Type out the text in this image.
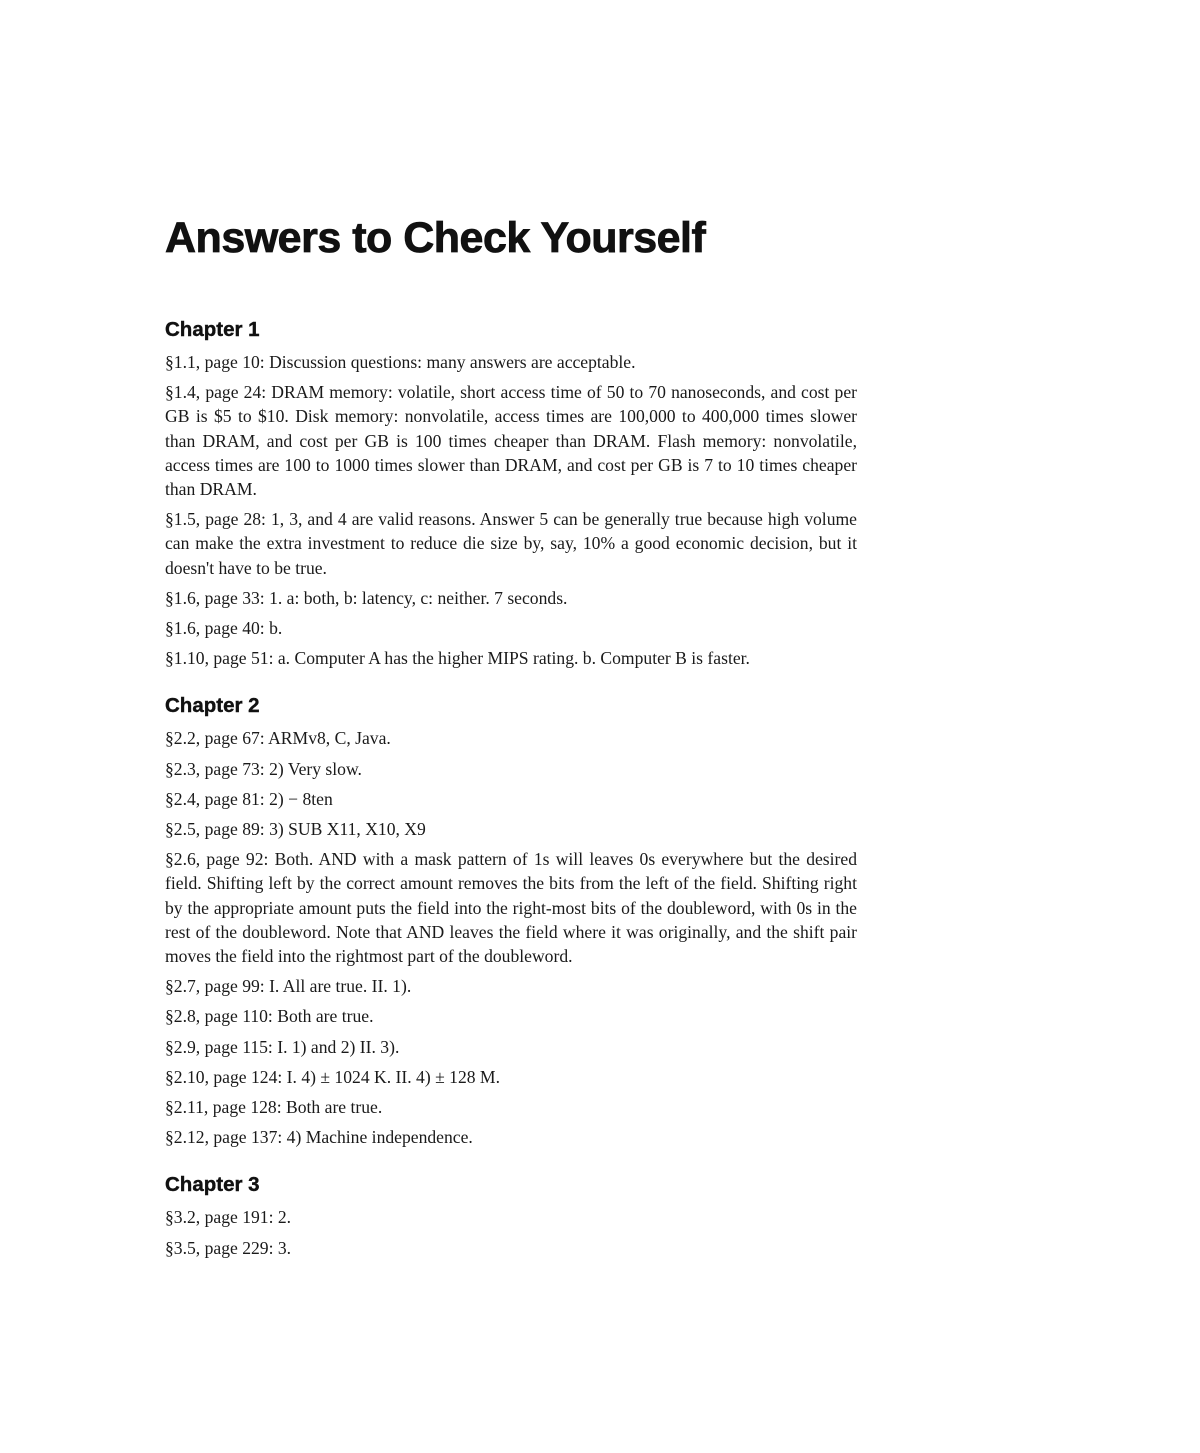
Answers to Check Yourself
Chapter 1

§1.1, page 10: Discussion questions: many answers are acceptable.

§1.4, page 24: DRAM memory: volatile, short access time of 50 to 70 nanoseconds, and cost per GB is $5 to $10. Disk memory: nonvolatile, access times are 100,000 to 400,000 times slower than DRAM, and cost per GB is 100 times cheaper than DRAM. Flash memory: nonvolatile, access times are 100 to 1000 times slower than DRAM, and cost per GB is 7 to 10 times cheaper than DRAM.

§1.5, page 28: 1, 3, and 4 are valid reasons. Answer 5 can be generally true because high volume can make the extra investment to reduce die size by, say, 10% a good economic decision, but it doesn't have to be true.

§1.6, page 33: 1. a: both, b: latency, c: neither. 7 seconds.

§1.6, page 40: b.

§1.10, page 51: a. Computer A has the higher MIPS rating. b. Computer B is faster.

Chapter 2

§2.2, page 67: ARMv8, C, Java.

§2.3, page 73: 2) Very slow.

§2.4, page 81: 2) − 8ten

§2.5, page 89: 3) SUB X11, X10, X9

§2.6, page 92: Both. AND with a mask pattern of 1s will leaves 0s everywhere but the desired field. Shifting left by the correct amount removes the bits from the left of the field. Shifting right by the appropriate amount puts the field into the right-most bits of the doubleword, with 0s in the rest of the doubleword. Note that AND leaves the field where it was originally, and the shift pair moves the field into the rightmost part of the doubleword.

§2.7, page 99: I. All are true. II. 1).

§2.8, page 110: Both are true.

§2.9, page 115: I. 1) and 2) II. 3).

§2.10, page 124: I. 4) ± 1024 K. II. 4) ± 128 M.

§2.11, page 128: Both are true.

§2.12, page 137: 4) Machine independence.

Chapter 3

§3.2, page 191: 2.

§3.5, page 229: 3.
